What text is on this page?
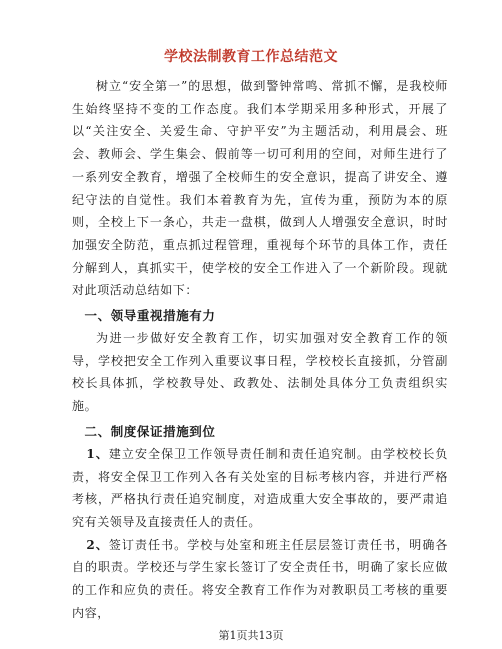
学校法制教育工作总结范文

树立“安全第一”的思想，做到警钟常鸣、常抓不懈，是我校师生始终坚持不变的工作态度。我们本学期采用多种形式，开展了以“关注安全、关爱生命、守护平安”为主题活动，利用晨会、班会、教师会、学生集会、假前等一切可利用的空间，对师生进行了一系列安全教育，增强了全校师生的安全意识，提高了讲安全、遵纪守法的自觉性。我们本着教育为先，宣传为重，预防为本的原则，全校上下一条心，共走一盘棋，做到人人增强安全意识，时时加强安全防范，重点抓过程管理，重视每个环节的具体工作，责任分解到人，真抓实干，使学校的安全工作进入了一个新阶段。现就对此项活动总结如下：

一、领导重视措施有力

为进一步做好安全教育工作，切实加强对安全教育工作的领导，学校把安全工作列入重要议事日程，学校校长直接抓，分管副校长具体抓，学校教导处、政教处、法制处具体分工负责组织实施。

二、制度保证措施到位

1、建立安全保卫工作领导责任制和责任追究制。由学校校长负责，将安全保卫工作列入各有关处室的目标考核内容，并进行严格考核，严格执行责任追究制度，对造成重大安全事故的，要严肃追究有关领导及直接责任人的责任。

2、签订责任书。学校与处室和班主任层层签订责任书，明确各自的职责。学校还与学生家长签订了安全责任书，明确了家长应做的工作和应负的责任。将安全教育工作作为对教职员工考核的重要内容，

第1页共13页
